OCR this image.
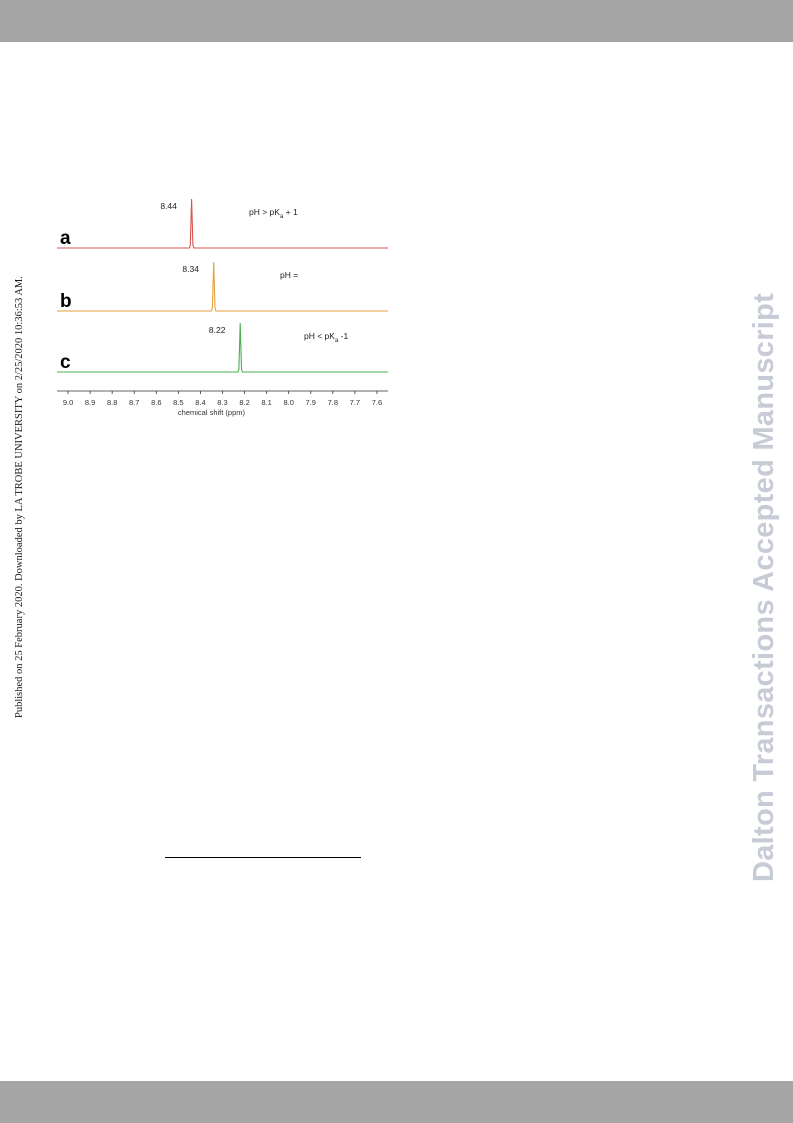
Published on 25 February 2020. Downloaded by LA TROBE UNIVERSITY on 2/25/2020 10:36:53 AM.
a
8.44
pH > $pK_a + 1$
b
8.34
pH =
c
8.22
pH < $pK_a$ -1
9.0 8.9 8.8 8.7 8.6 8.5 8.4 8.3 8.2 8.1 8.0 7.9 7.8 7.7 7.6
chemical shift (ppm)	Dalton Transactions Accepted Manuscript
